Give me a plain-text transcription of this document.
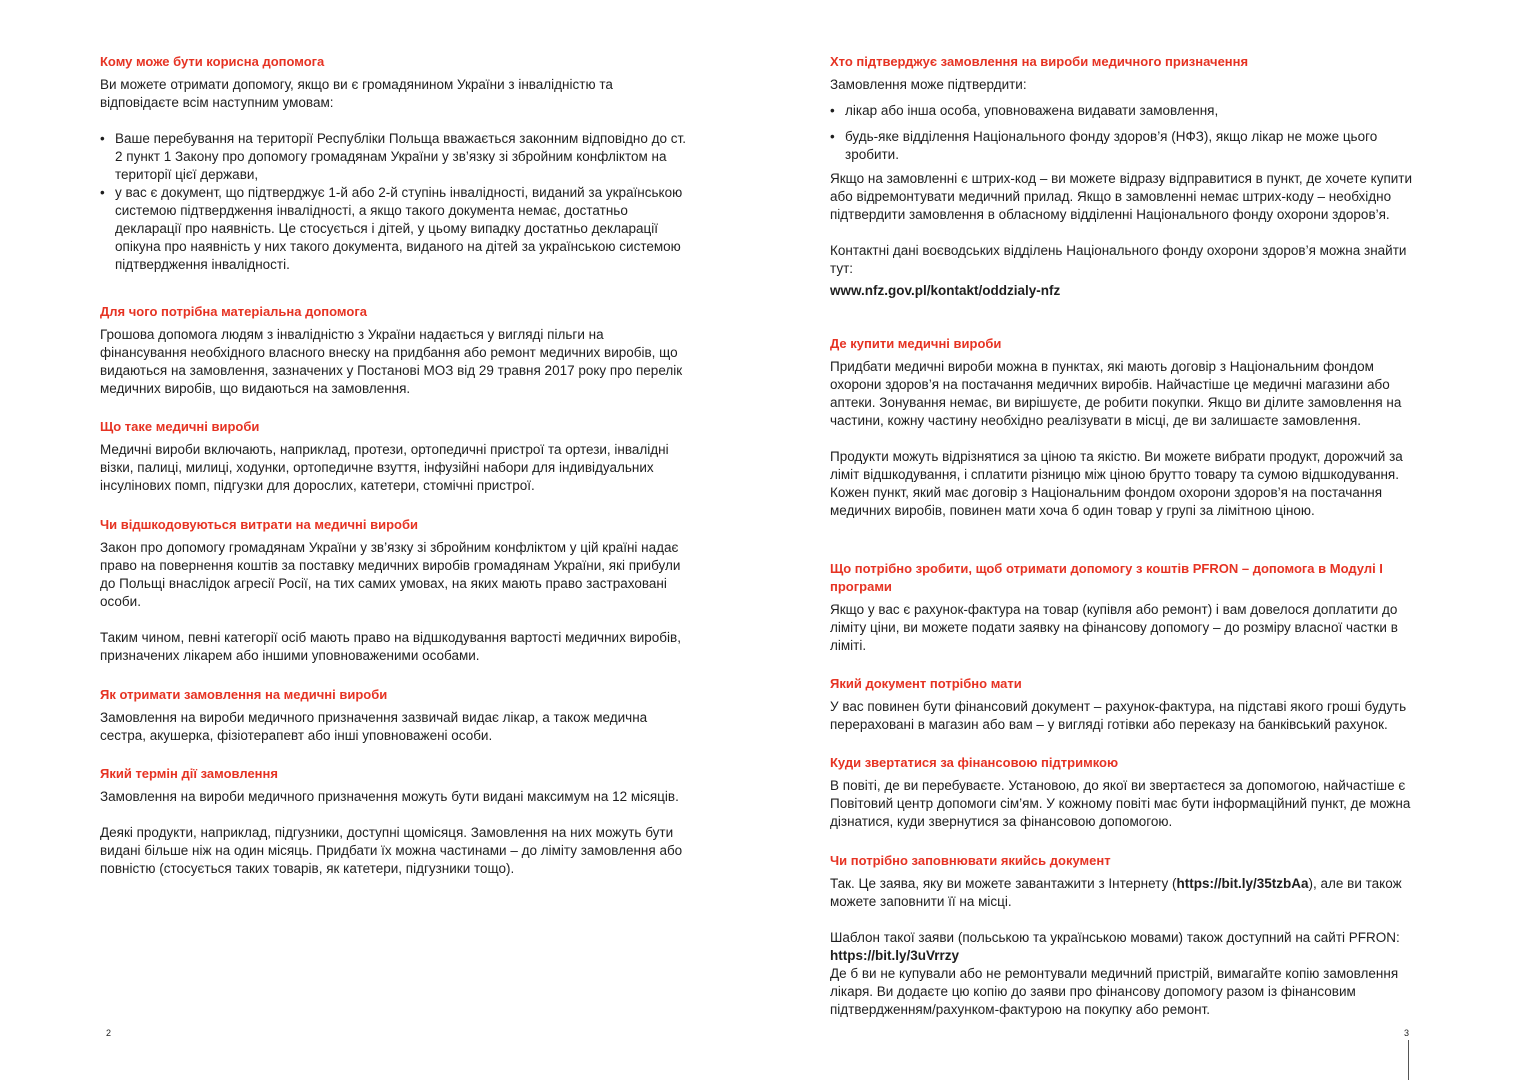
Кому може бути корисна допомога

Ви можете отримати допомогу, якщо ви є громадянином України з інвалідністю та відповідаєте всім наступним умовам:

• Ваше перебування на території Республіки Польща вважається законним відповідно до ст. 2 пункт 1 Закону про допомогу громадянам України у зв’язку зі збройним конфліктом на території цієї держави,
• у вас є документ, що підтверджує 1-й або 2-й ступінь інвалідності, виданий за українською системою підтвердження інвалідності, а якщо такого документа немає, достатньо декларації про наявність. Це стосується і дітей, у цьому випадку достатньо декларації опікуна про наявність у них такого документа, виданого на дітей за українською системою підтвердження інвалідності.
Для чого потрібна матеріальна допомога

Грошова допомога людям з інвалідністю з України надається у вигляді пільги на фінансування необхідного власного внеску на придбання або ремонт медичних виробів, що видаються на замовлення, зазначених у Постанові МОЗ від 29 травня 2017 року про перелік медичних виробів, що видаються на замовлення.

Що таке медичні вироби

Медичні вироби включають, наприклад, протези, ортопедичні пристрої та ортези, інвалідні візки, палиці, милиці, ходунки, ортопедичне взуття, інфузійні набори для індивідуальних інсулінових помп, підгузки для дорослих, катетери, стомічні пристрої.

Чи відшкодовуються витрати на медичні вироби

Закон про допомогу громадянам України у зв’язку зі збройним конфліктом у цій країні надає право на повернення коштів за поставку медичних виробів громадянам України, які прибули до Польщі внаслідок агресії Росії, на тих самих умовах, на яких мають право застраховані особи.

Таким чином, певні категорії осіб мають право на відшкодування вартості медичних виробів, призначених лікарем або іншими уповноваженими особами.

Як отримати замовлення на медичні вироби

Замовлення на вироби медичного призначення зазвичай видає лікар, а також медична сестра, акушерка, фізіотерапевт або інші уповноважені особи.

Який термін дії замовлення

Замовлення на вироби медичного призначення можуть бути видані максимум на 12 місяців.

Деякі продукти, наприклад, підгузники, доступні щомісяця. Замовлення на них можуть бути видані більше ніж на один місяць. Придбати їх можна частинами – до ліміту замовлення або повністю (стосується таких товарів, як катетери, підгузники тощо).

Хто підтверджує замовлення на вироби медичного призначення

Замовлення може підтвердити:

• лікар або інша особа, уповноважена видавати замовлення,
• будь-яке відділення Національного фонду здоров’я (НФЗ), якщо лікар не може цього зробити.

Якщо на замовленні є штрих-код – ви можете відразу відправитися в пункт, де хочете купити або відремонтувати медичний прилад. Якщо в замовленні немає штрих-коду – необхідно підтвердити замовлення в обласному відділенні Національного фонду охорони здоров’я.

Контактні дані воєводських відділень Національного фонду охорони здоров’я можна знайти тут:

www.nfz.gov.pl/kontakt/oddzialy-nfz

Де купити медичні вироби

Придбати медичні вироби можна в пунктах, які мають договір з Національним фондом охорони здоров’я на постачання медичних виробів. Найчастіше це медичні магазини або аптеки. Зонування немає, ви вирішуєте, де робити покупки. Якщо ви ділите замовлення на частини, кожну частину необхідно реалізувати в місці, де ви залишаєте замовлення.

Продукти можуть відрізнятися за ціною та якістю. Ви можете вибрати продукт, дорожчий за ліміт відшкодування, і сплатити різницю між ціною брутто товару та сумою відшкодування. Кожен пункт, який має договір з Національним фондом охорони здоров’я на постачання медичних виробів, повинен мати хоча б один товар у групі за лімітною ціною.

Що потрібно зробити, щоб отримати допомогу з коштів PFRON – допомога в Модулі I програми

Якщо у вас є рахунок-фактура на товар (купівля або ремонт) і вам довелося доплатити до ліміту ціни, ви можете подати заявку на фінансову допомогу – до розміру власної частки в ліміті.

Який документ потрібно мати

У вас повинен бути фінансовий документ – рахунок-фактура, на підставі якого гроші будуть перераховані в магазин або вам – у вигляді готівки або переказу на банківський рахунок.

Куди звертатися за фінансовою підтримкою

В повіті, де ви перебуваєте. Установою, до якої ви звертаєтеся за допомогою, найчастіше є Повітовий центр допомоги сім’ям. У кожному повіті має бути інформаційний пункт, де можна дізнатися, куди звернутися за фінансовою допомогою.

Чи потрібно заповнювати якийсь документ

Так. Це заява, яку ви можете завантажити з Інтернету (https://bit.ly/35tzbAa), але ви також можете заповнити її на місці.

Шаблон такої заяви (польською та українською мовами) також доступний на сайті PFRON:

https://bit.ly/3uVrrzy

Де б ви не купували або не ремонтували медичний пристрій, вимагайте копію замовлення лікаря. Ви додаєте цю копію до заяви про фінансову допомогу разом із фінансовим підтвердженням/рахунком-фактурою на покупку або ремонт.

2	3
